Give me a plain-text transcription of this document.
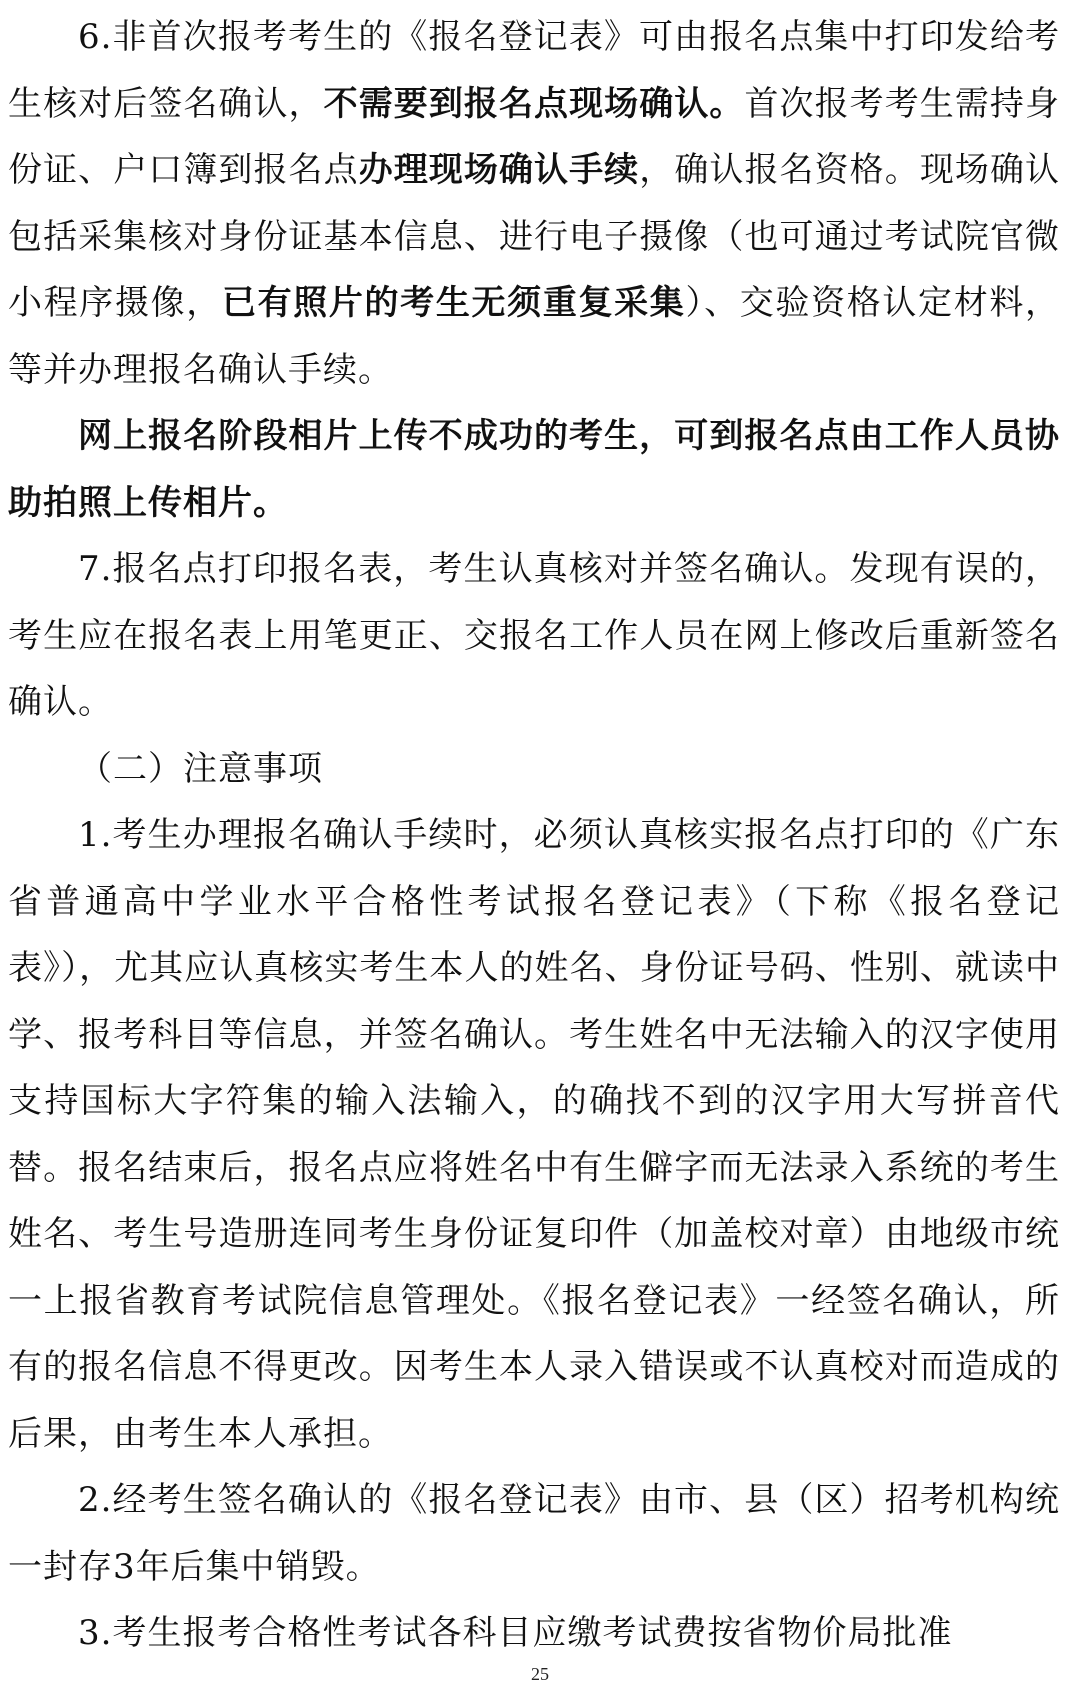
6.非首次报考考生的《报名登记表》可由报名点集中打印发给考生核对后签名确认，不需要到报名点现场确认。首次报考考生需持身份证、户口簿到报名点办理现场确认手续，确认报名资格。现场确认包括采集核对身份证基本信息、进行电子摄像（也可通过考试院官微小程序摄像，已有照片的考生无须重复采集）、交验资格认定材料，等并办理报名确认手续。

网上报名阶段相片上传不成功的考生，可到报名点由工作人员协助拍照上传相片。

7.报名点打印报名表，考生认真核对并签名确认。发现有误的，考生应在报名表上用笔更正、交报名工作人员在网上修改后重新签名确认。

（二）注意事项

1.考生办理报名确认手续时，必须认真核实报名点打印的《广东省普通高中学业水平合格性考试报名登记表》（下称《报名登记表》），尤其应认真核实考生本人的姓名、身份证号码、性别、就读中学、报考科目等信息，并签名确认。考生姓名中无法输入的汉字使用支持国标大字符集的输入法输入，的确找不到的汉字用大写拼音代替。报名结束后，报名点应将姓名中有生僻字而无法录入系统的考生姓名、考生号造册连同考生身份证复印件（加盖校对章）由地级市统一上报省教育考试院信息管理处。《报名登记表》一经签名确认，所有的报名信息不得更改。因考生本人录入错误或不认真校对而造成的后果，由考生本人承担。

2.经考生签名确认的《报名登记表》由市、县（区）招考机构统一封存3年后集中销毁。

3.考生报考合格性考试各科目应缴考试费按省物价局批准

25
